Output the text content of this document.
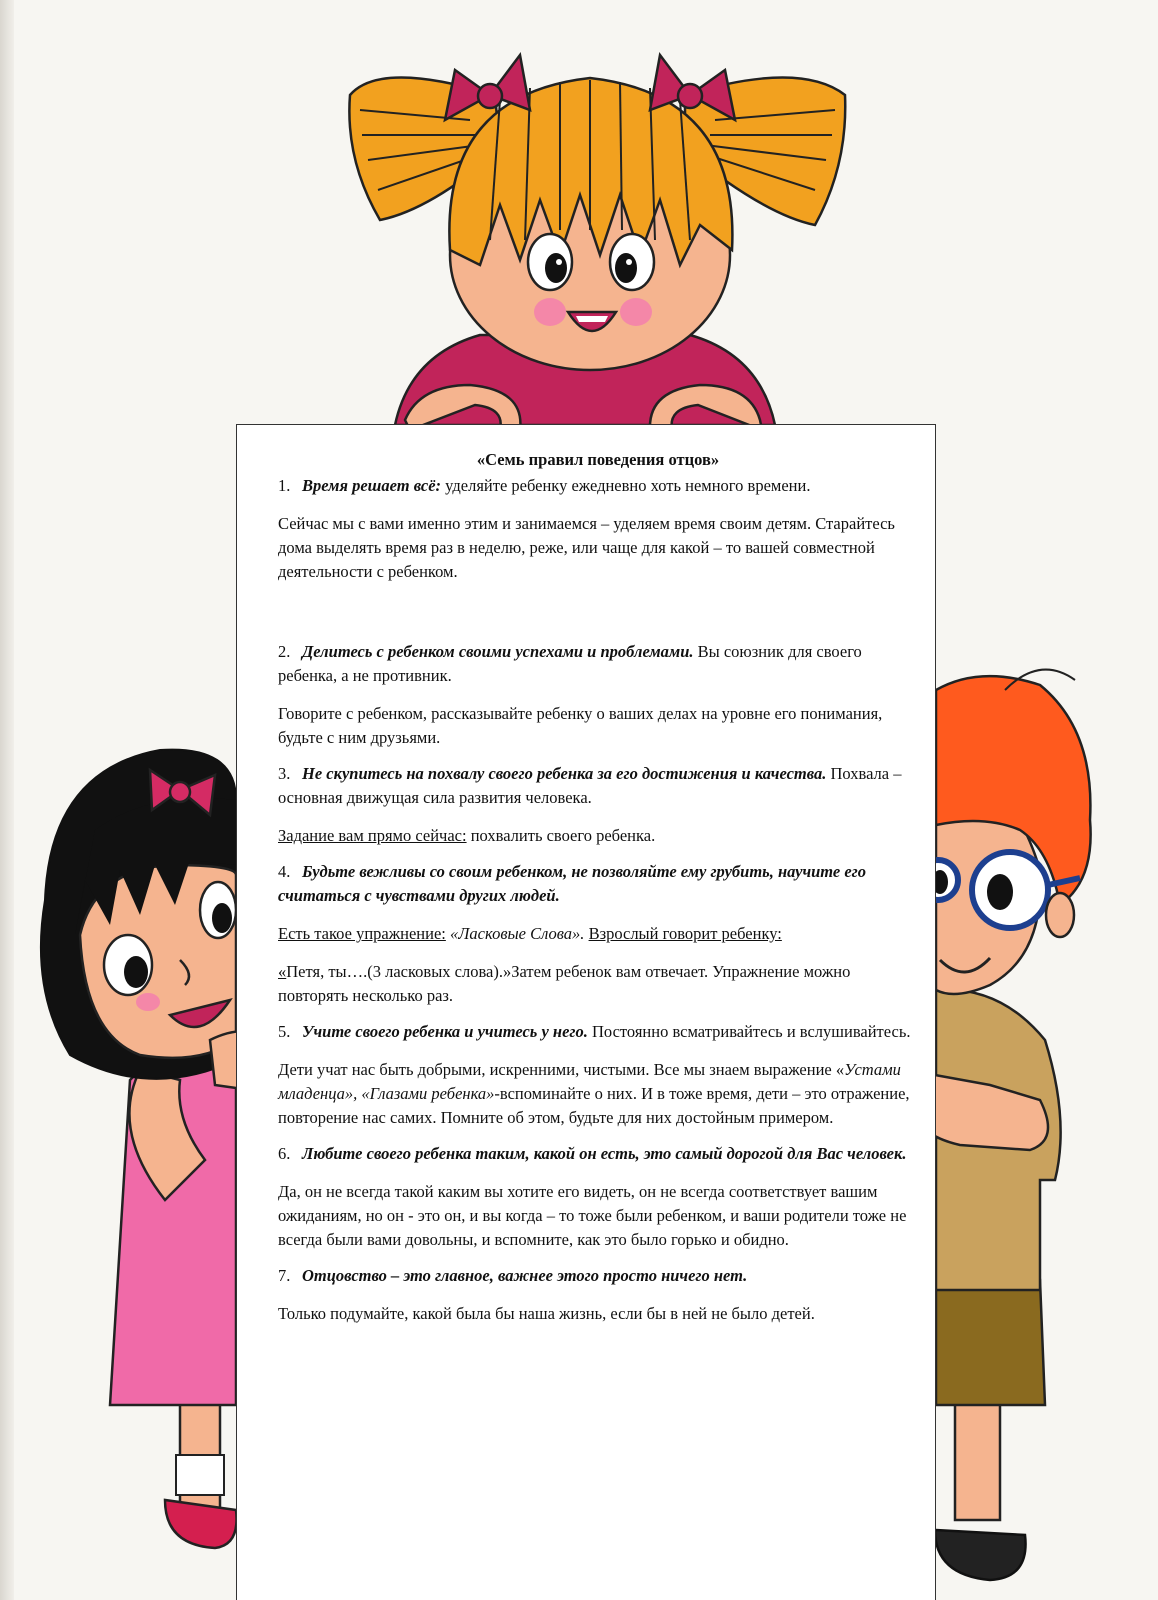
«Семь правил поведения отцов»

1. Время решает всё: уделяйте ребенку ежедневно хоть немного времени.

Сейчас мы с вами именно этим и занимаемся – уделяем время своим детям. Старайтесь дома выделять время раз в неделю, реже, или чаще для какой – то вашей совместной деятельности с ребенком.

2. Делитесь с ребенком своими успехами и проблемами. Вы союзник для своего ребенка, а не противник.

Говорите с ребенком, рассказывайте ребенку о ваших делах на уровне его понимания, будьте с ним друзьями.

3. Не скупитесь на похвалу своего ребенка за его достижения и качества. Похвала – основная движущая сила развития человека.

Задание вам прямо сейчас: похвалить своего ребенка.

4. Будьте вежливы со своим ребенком, не позволяйте ему грубить, научите его считаться с чувствами других людей.

Есть такое упражнение: «Ласковые Слова». Взрослый говорит ребенку:

«Петя, ты….(3 ласковых слова).»Затем ребенок вам отвечает. Упражнение можно повторять несколько раз.

5. Учите своего ребенка и учитесь у него. Постоянно всматривайтесь и вслушивайтесь.

Дети учат нас быть добрыми, искренними, чистыми. Все мы знаем выражение «Устами младенца», «Глазами ребенка»-вспоминайте о них. И в тоже время, дети – это отражение, повторение нас самих. Помните об этом, будьте для них достойным примером.

6. Любите своего ребенка таким, какой он есть, это самый дорогой для Вас человек.

Да, он не всегда такой каким вы хотите его видеть, он не всегда соответствует вашим ожиданиям, но он - это он, и вы когда – то тоже были ребенком, и ваши родители тоже не всегда были вами довольны, и вспомните, как это было горько и обидно.

7. Отцовство – это главное, важнее этого просто ничего нет.

Только подумайте, какой была бы наша жизнь, если бы в ней не было детей.
